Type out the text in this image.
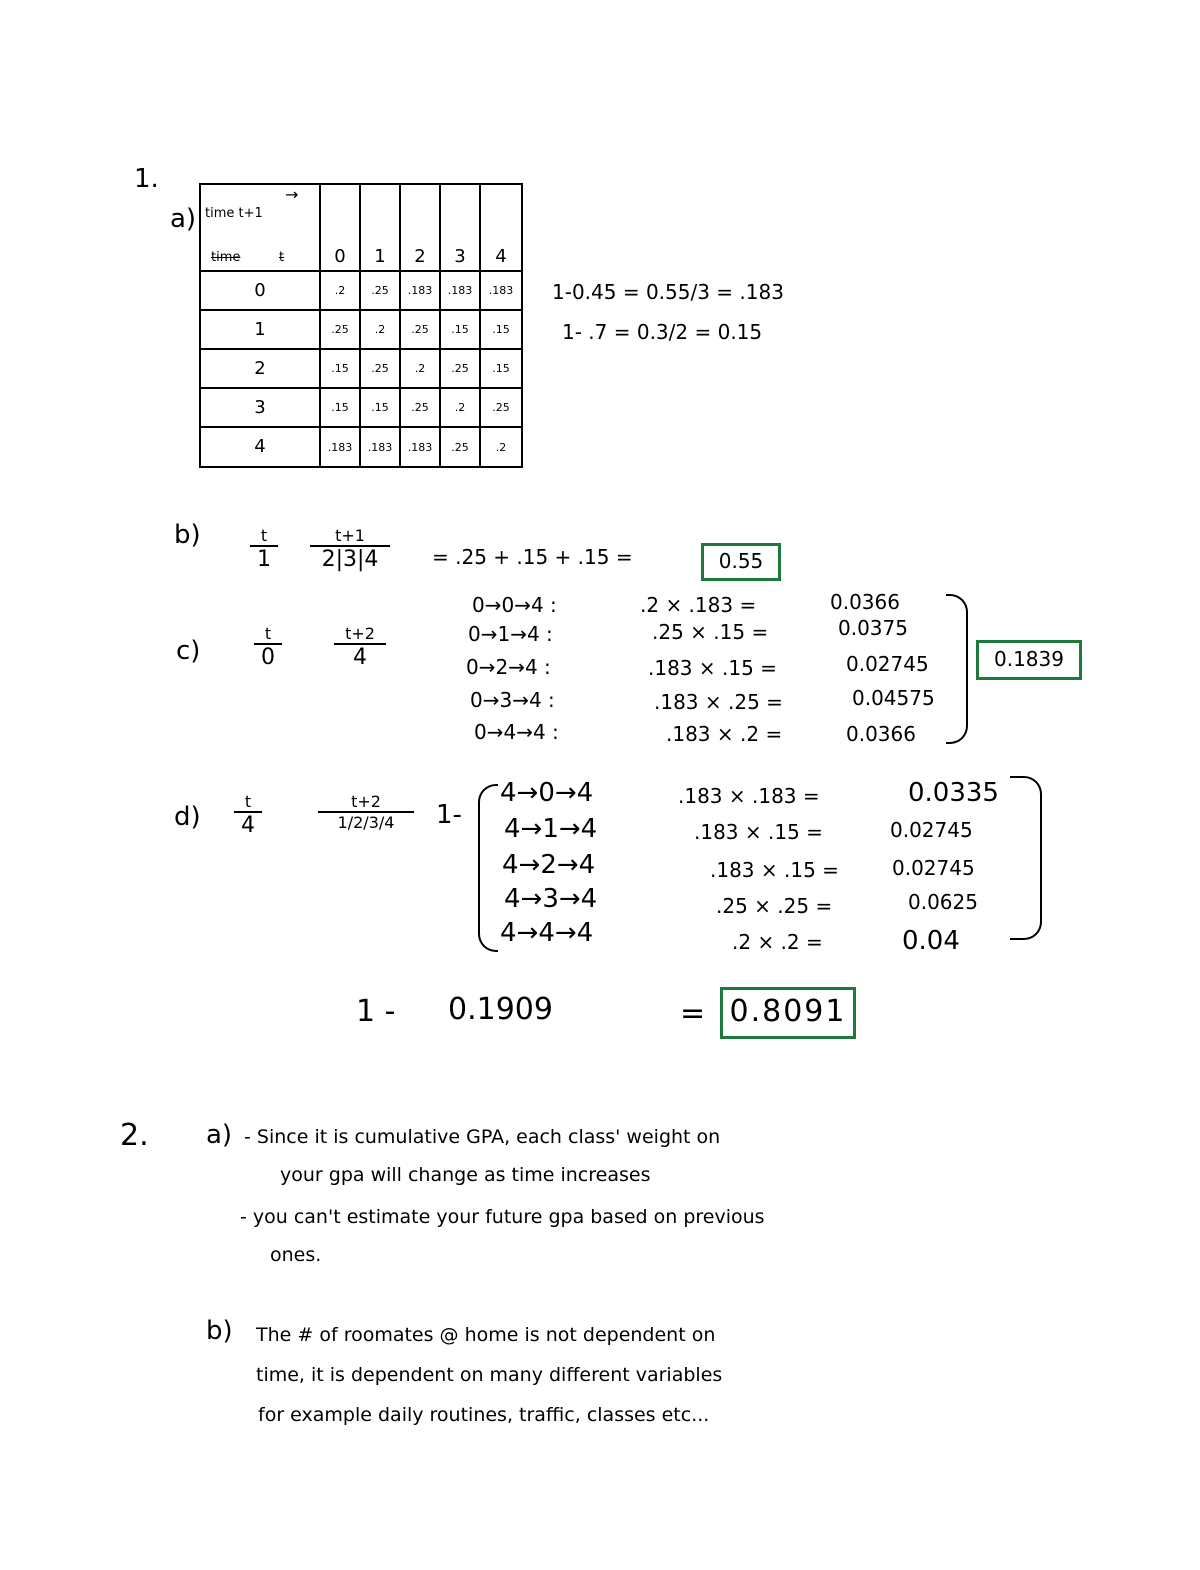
1.
a)
→
time t+1
time t	0	1	2	3	4
0	.2	.25	.183	.183	.183
1	.25	.2	.25	.15	.15
2	.15	.25	.2	.25	.15
3	.15	.15	.25	.2	.25
4	.183	.183	.183	.25	.2
1-0.45 = 0.55/3 = .183
1- .7 = 0.3/2 = 0.15
b)	t
1
t+1
2|3|4	= .25 + .15 + .15 =	0.55
c)
t
0
t+2
4
0→0→4 :	.2 × .183 =	0.0366
0→1→4 :	.25 × .15 =	0.0375
0→2→4 :	.183 × .15 =	0.02745
0→3→4 :	.183 × .25 =	0.04575
0→4→4 :	.183 × .2 =	0.0366
0.1839
d)
t
4	$\frac{t+2}{1/2/3/4} 1-$
4→0→4	.183 × .183 =	0.0335
4→1→4	.183 × .15 =	0.02745
4→2→4	.183 × .15 =	0.02745
4→3→4	.25 × .25 =	0.0625
4→4→4	.2 × .2 =	0.04
1 - 0.1909	= 0.8091
2. a) - Since it is cumulative GPA, each class' weight on
your gpa will change as time increases
- you can't estimate your future gpa based on previous
ones.
b) The # of roomates @ home is not dependent on
time, it is dependent on many different variables
for example daily routines, traffic, classes etc...
